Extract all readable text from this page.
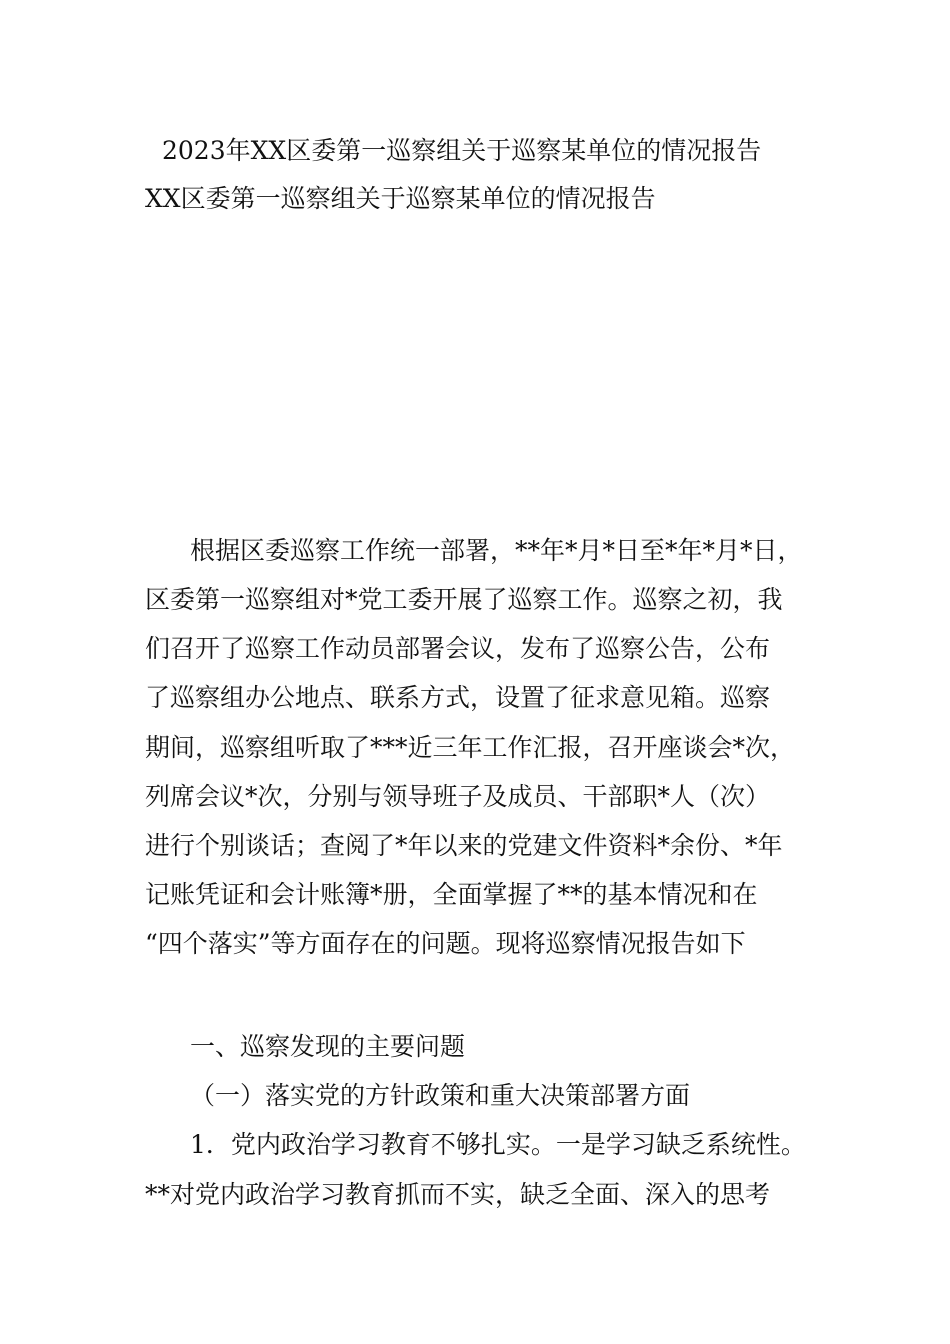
2023年XX区委第一巡察组关于巡察某单位的情况报告
XX区委第一巡察组关于巡察某单位的情况报告
根据区委巡察工作统一部署，**年*月*日至*年*月*日，
区委第一巡察组对*党工委开展了巡察工作。巡察之初，我
们召开了巡察工作动员部署会议，发布了巡察公告，公布
了巡察组办公地点、联系方式，设置了征求意见箱。巡察
期间，巡察组听取了***近三年工作汇报，召开座谈会*次，
列席会议*次，分别与领导班子及成员、干部职*人（次）
进行个别谈话；查阅了*年以来的党建文件资料*余份、*年
记账凭证和会计账簿*册，全面掌握了**的基本情况和在
“四个落实”等方面存在的问题。现将巡察情况报告如下
一、巡察发现的主要问题
（一）落实党的方针政策和重大决策部署方面
1．党内政治学习教育不够扎实。一是学习缺乏系统性。
**对党内政治学习教育抓而不实，缺乏全面、深入的思考
